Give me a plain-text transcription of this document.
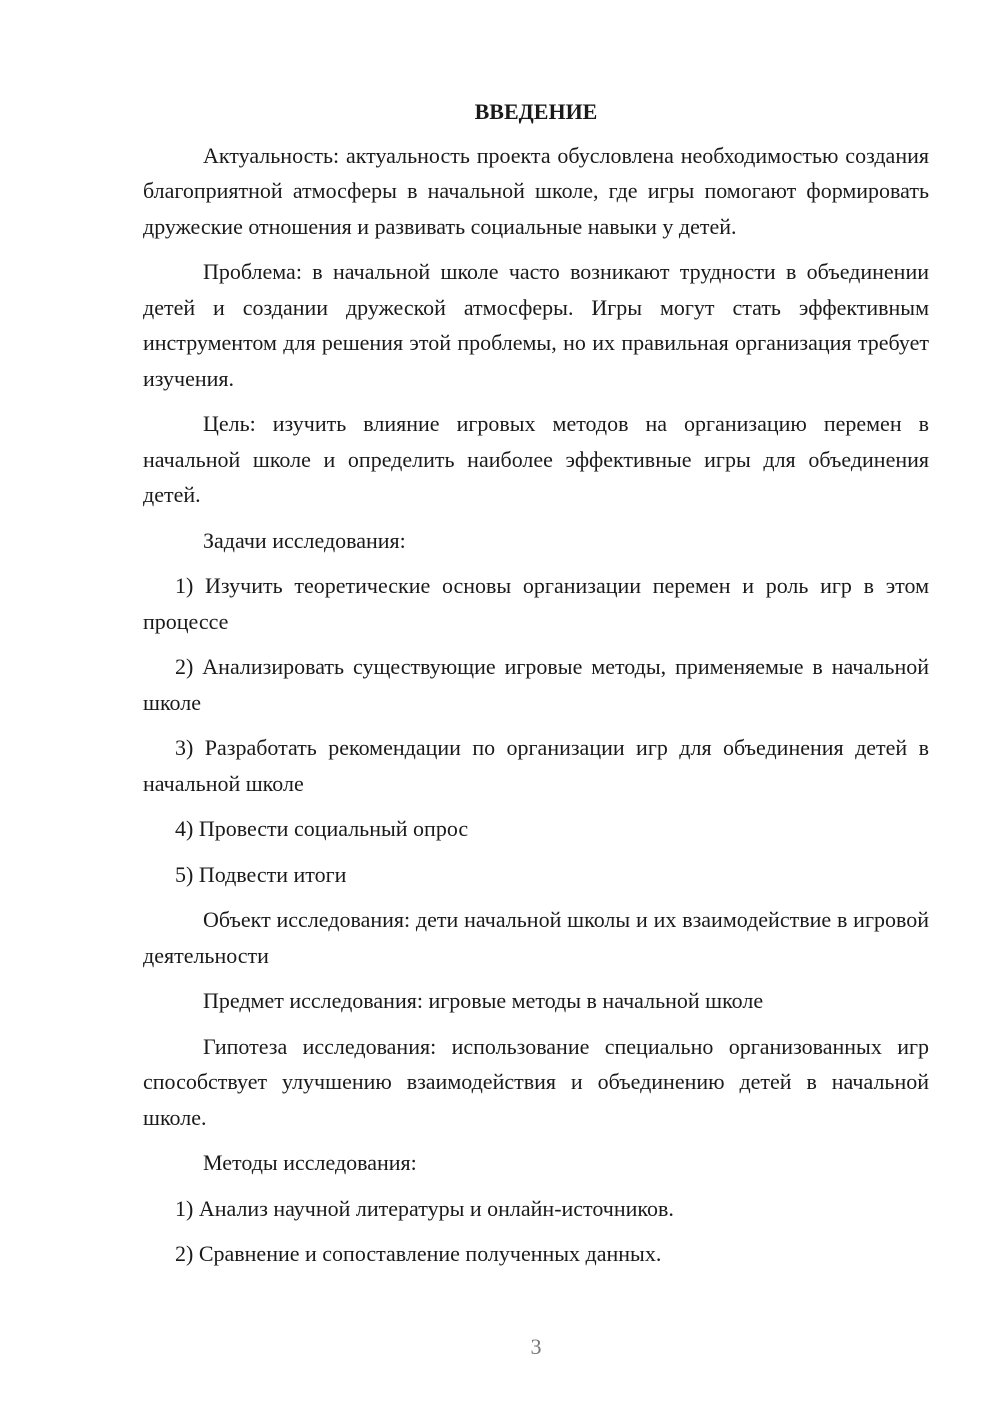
ВВЕДЕНИЕ

Актуальность: актуальность проекта обусловлена необходимостью создания благоприятной атмосферы в начальной школе, где игры помогают формировать дружеские отношения и развивать социальные навыки у детей.

Проблема: в начальной школе часто возникают трудности в объединении детей и создании дружеской атмосферы. Игры могут стать эффективным инструментом для решения этой проблемы, но их правильная организация требует изучения.

Цель: изучить влияние игровых методов на организацию перемен в начальной школе и определить наиболее эффективные игры для объединения детей.

Задачи исследования:

1) Изучить теоретические основы организации перемен и роль игр в этом процессе

2) Анализировать существующие игровые методы, применяемые в начальной школе

3) Разработать рекомендации по организации игр для объединения детей в начальной школе

4) Провести социальный опрос

5) Подвести итоги

Объект исследования: дети начальной школы и их взаимодействие в игровой деятельности

Предмет исследования: игровые методы в начальной школе

Гипотеза исследования: использование специально организованных игр способствует улучшению взаимодействия и объединению детей в начальной школе.

Методы исследования:

1) Анализ научной литературы и онлайн-источников.

2) Сравнение и сопоставление полученных данных.

3
